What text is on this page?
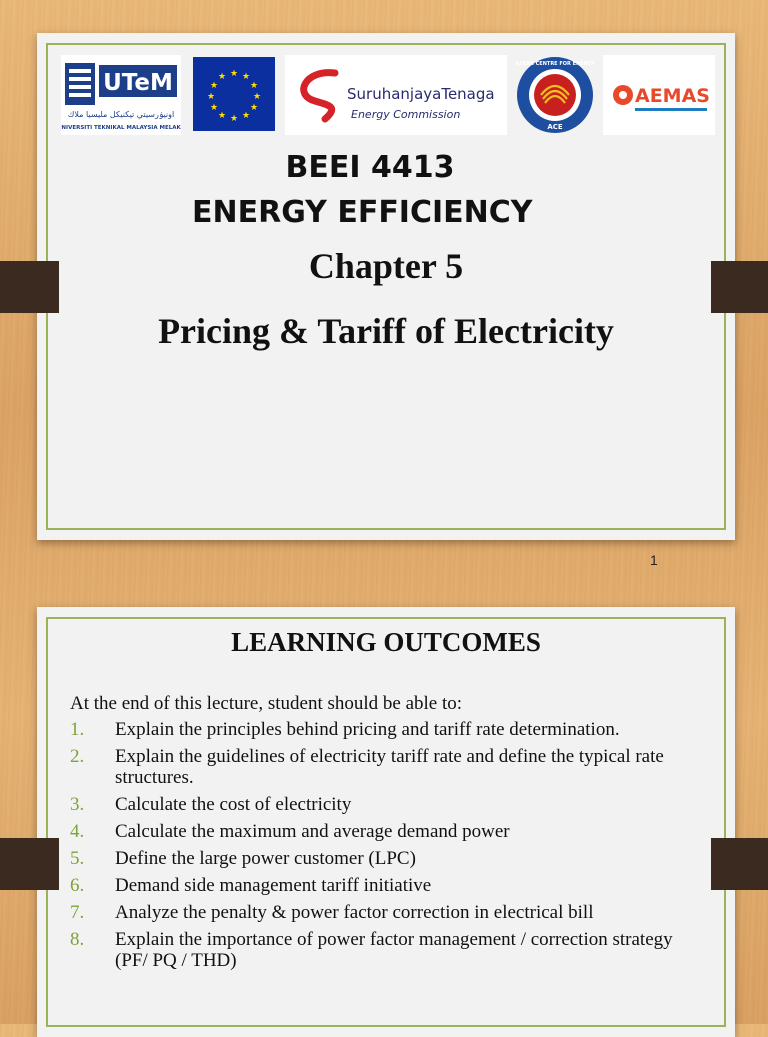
UTeM
اونيۏرسيتي تيكنيكل مليسيا ملاك
UNIVERSITI TEKNIKAL MALAYSIA MELAKA
★ ★
★
★
★
★
★
★
★
★
★
★
SuruhanjayaTenaga
Energy Commission
ACE
ASEAN CENTRE FOR ENERGY
AEMAS
BEEI 4413
ENERGY EFFICIENCY
Chapter 5
Pricing & Tariff of Electricity
1
LEARNING OUTCOMES
At the end of this lecture, student should be able to:
1. Explain the principles behind pricing and tariff rate determination.
2. Explain the guidelines of electricity tariff rate and define the typical rate structures.
3. Calculate the cost of electricity
4. Calculate the maximum and average demand power
5. Define the large power customer (LPC)
6. Demand side management tariff initiative
7. Analyze the penalty & power factor correction in electrical bill
8. Explain the importance of power factor management / correction strategy (PF/ PQ / THD)
